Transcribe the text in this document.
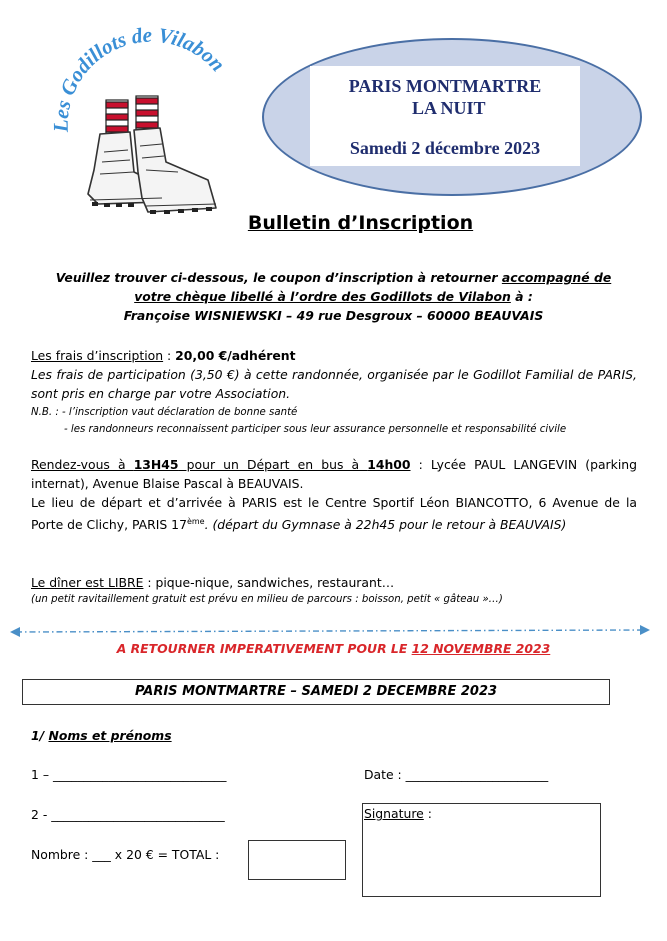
Les Godillots de Vilabon
PARIS MONTMARTRE
LA NUIT
Samedi 2 décembre 2023
Bulletin d’Inscription
Veuillez trouver ci-dessous, le coupon d’inscription à retourner accompagné de
votre chèque libellé à l’ordre des Godillots de Vilabon à :
Françoise WISNIEWSKI – 49 rue Desgroux – 60000 BEAUVAIS
Les frais d’inscription : 20,00 €/adhérent
Les frais de participation (3,50 €) à cette randonnée, organisée par le Godillot Familial de PARIS, sont pris en charge par votre Association.
N.B. : - l’inscription vaut déclaration de bonne santé
- les randonneurs reconnaissent participer sous leur assurance personnelle et responsabilité civile
Rendez-vous à 13H45 pour un Départ en bus à 14h00 : Lycée PAUL LANGEVIN (parking internat), Avenue Blaise Pascal à BEAUVAIS.
Le lieu de départ et d’arrivée à PARIS est le Centre Sportif Léon BIANCOTTO, 6 Avenue de la Porte de Clichy, PARIS 17ème. (départ du Gymnase à 22h45 pour le retour à BEAUVAIS)
Le dîner est LIBRE : pique-nique, sandwiches, restaurant…
(un petit ravitaillement gratuit est prévu en milieu de parcours : boisson, petit « gâteau »…)
A RETOURNER IMPERATIVEMENT POUR LE 12 NOVEMBRE 2023
PARIS MONTMARTRE – SAMEDI 2 DECEMBRE 2023
1/ Noms et prénoms
1 – ____________________________	Date : _______________________
2 - ____________________________	Signature :
Nombre : ___ x 20 € = TOTAL :
